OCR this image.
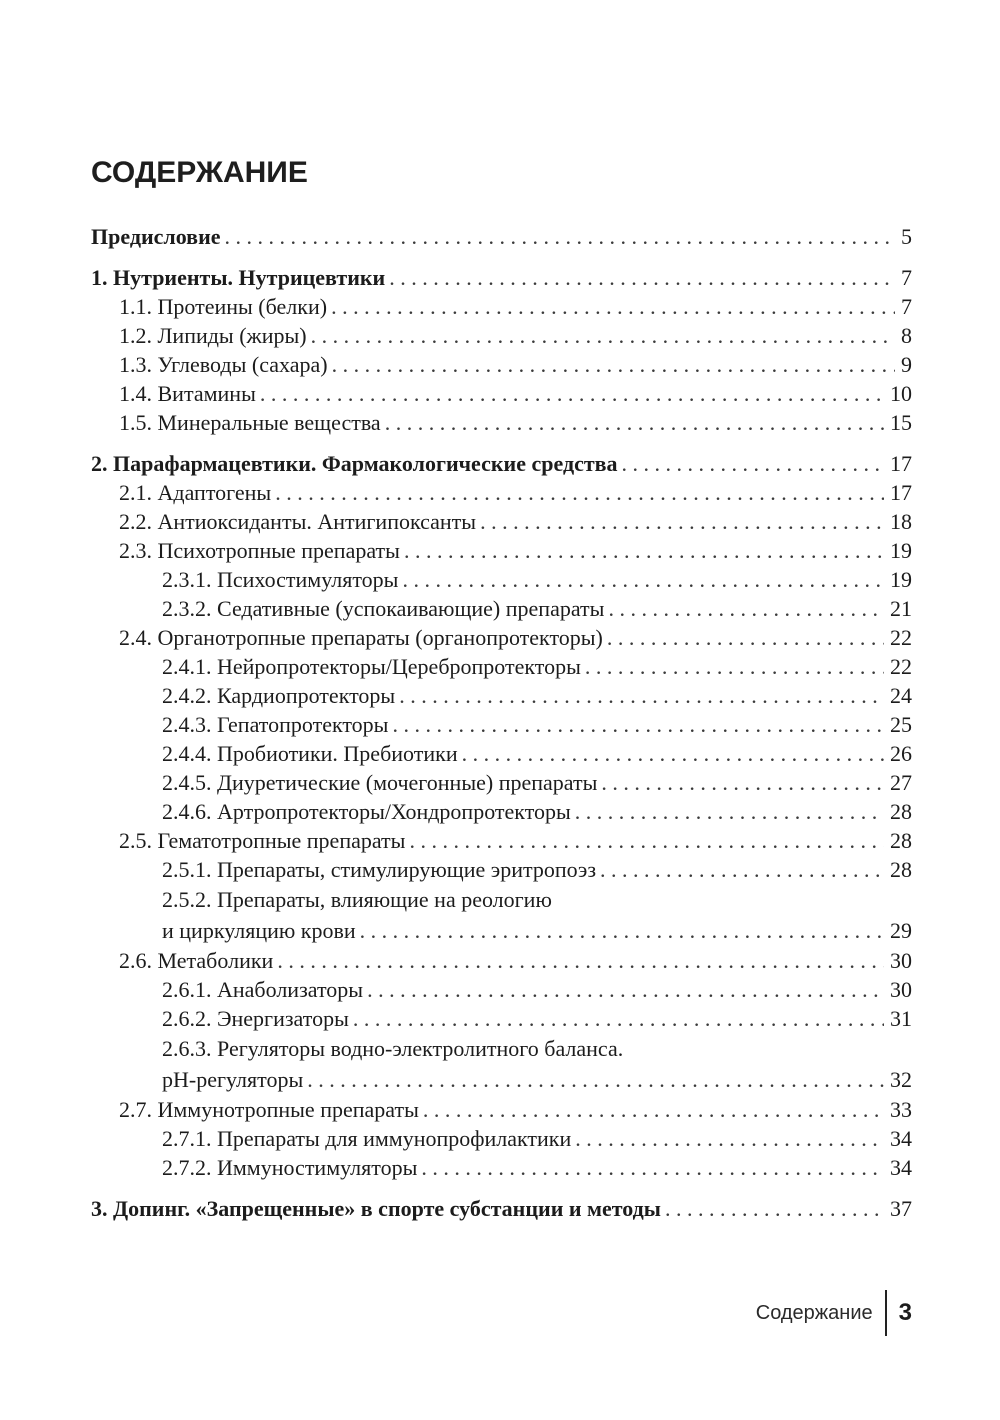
СОДЕРЖАНИЕ
Предисловие . . .	5
1. Нутриенты. Нутрицевтики . . .	7
1.1. Протеины (белки) . . .	7
1.2. Липиды (жиры) . . .	8
1.3. Углеводы (сахара) . . .	9
1.4. Витамины . . .	10
1.5. Минеральные вещества . . .	15
2. Парафармацевтики. Фармакологические средства . . .	17
2.1. Адаптогены . . .	17
2.2. Антиоксиданты. Антигипоксанты . . .	18
2.3. Психотропные препараты . . .	19
2.3.1. Психостимуляторы . . .	19
2.3.2. Седативные (успокаивающие) препараты . . .	21
2.4. Органотропные препараты (органопротекторы) . . .	22
2.4.1. Нейропротекторы/Церебропротекторы . . .	22
2.4.2. Кардиопротекторы . . .	24
2.4.3. Гепатопротекторы . . .	25
2.4.4. Пробиотики. Пребиотики . . .	26
2.4.5. Диуретические (мочегонные) препараты . . .	27
2.4.6. Артропротекторы/Хондропротекторы . . .	28
2.5. Гематотропные препараты . . .	28
2.5.1. Препараты, стимулирующие эритропоэз . . .	28
2.5.2. Препараты, влияющие на реологию
и циркуляцию крови . . .	29
2.6. Метаболики . . .	30
2.6.1. Анаболизаторы . . .	30
2.6.2. Энергизаторы . . .	31
2.6.3. Регуляторы водно-электролитного баланса.
рН-регуляторы . . .	32
2.7. Иммунотропные препараты . . .	33
2.7.1. Препараты для иммунопрофилактики . . .	34
2.7.2. Иммуностимуляторы . . .	34
3. Допинг. «Запрещенные» в спорте субстанции и методы . . .	37
Содержание	3
